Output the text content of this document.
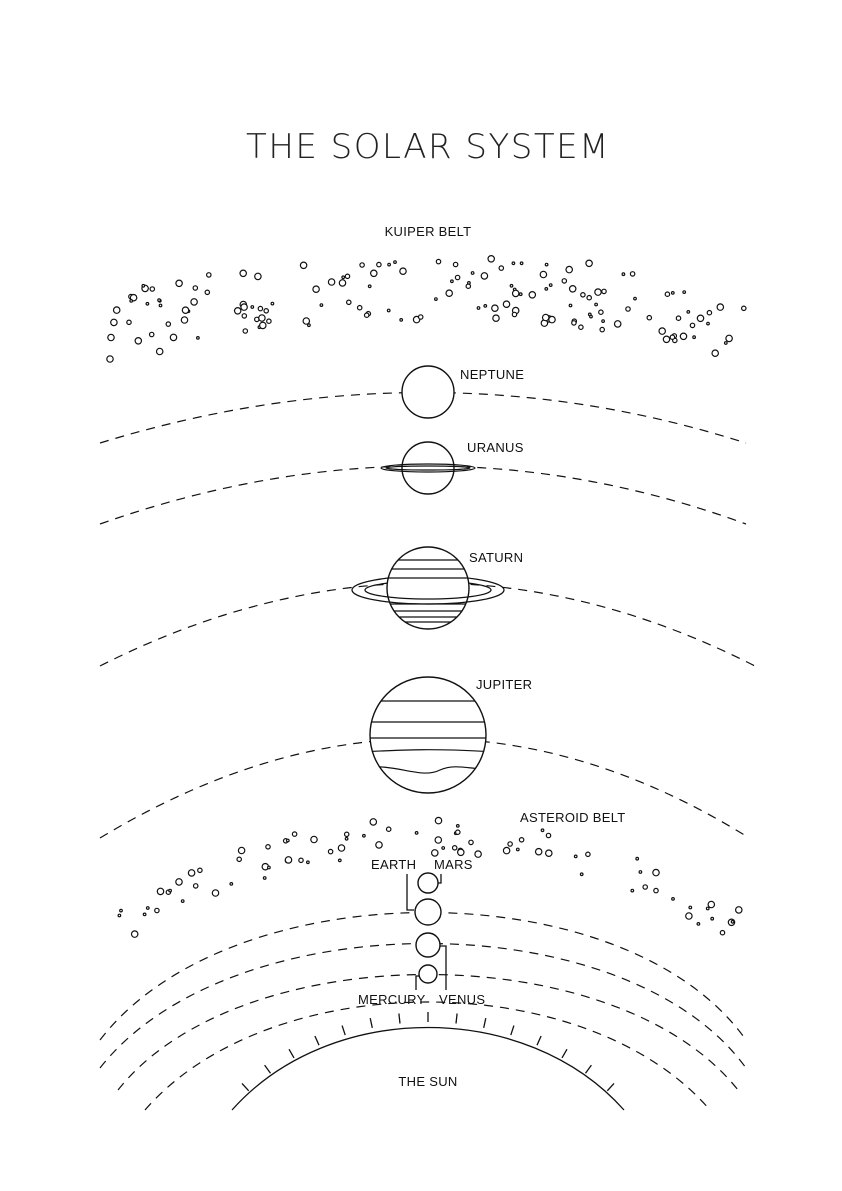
THE SOLAR SYSTEM
KUIPER BELT
NEPTUNE
URANUS
SATURN
JUPITER
ASTEROID BELT
EARTH MARS
MERCURY VENUS
THE SUN
